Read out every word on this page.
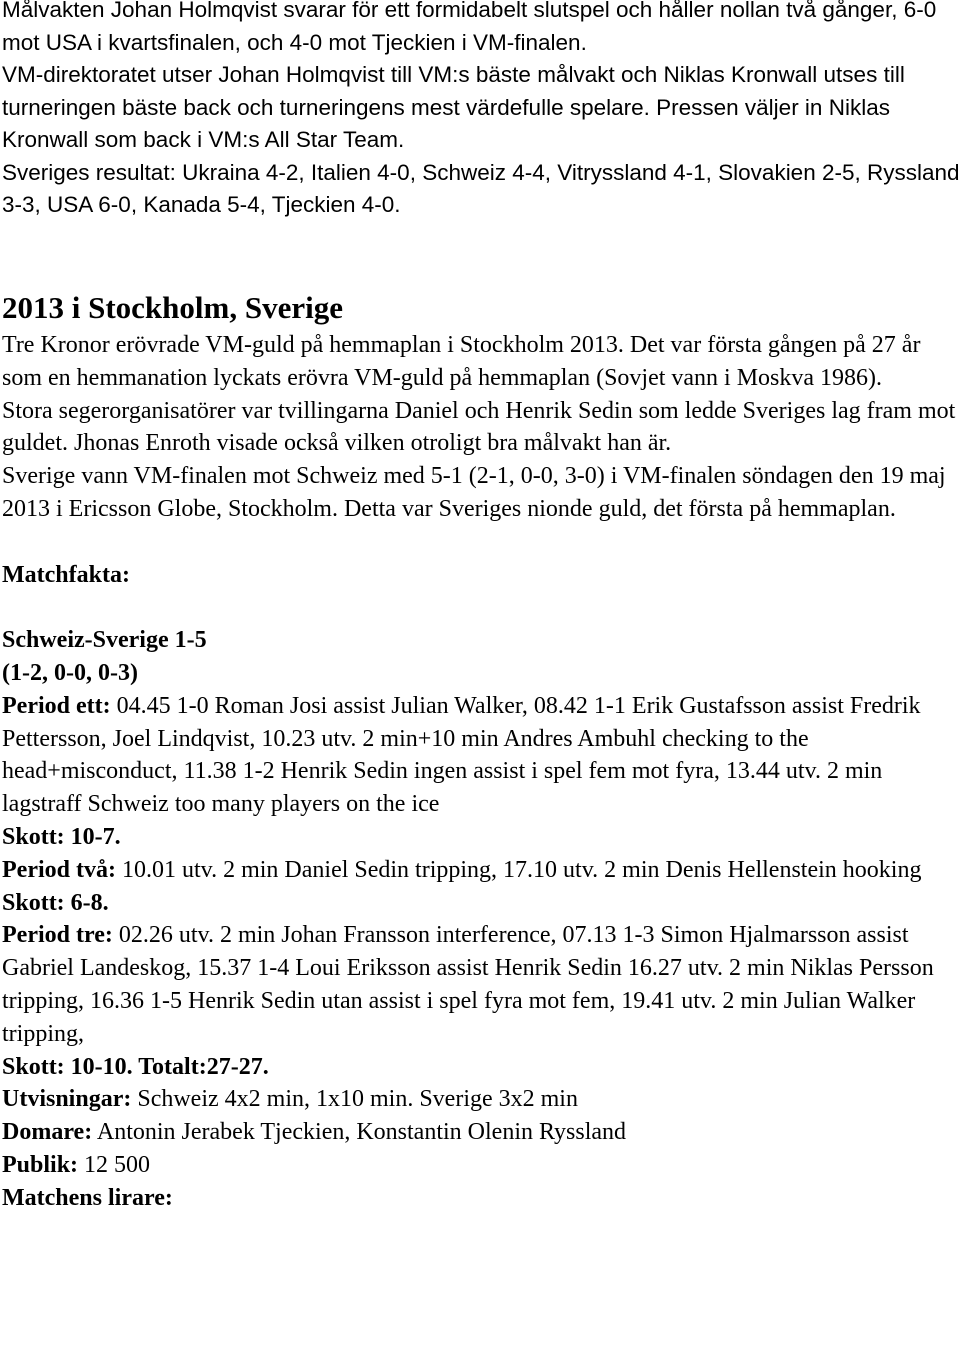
Målvakten Johan Holmqvist svarar för ett formidabelt slutspel och håller nollan två gånger, 6-0 mot USA i kvartsfinalen, och 4-0 mot Tjeckien i VM-finalen.

VM-direktoratet utser Johan Holmqvist till VM:s bäste målvakt och Niklas Kronwall utses till turneringen bäste back och turneringens mest värdefulle spelare. Pressen väljer in Niklas Kronwall som back i VM:s All Star Team.

Sveriges resultat: Ukraina 4-2, Italien 4-0, Schweiz 4-4, Vitryssland 4-1, Slovakien 2-5, Ryssland 3-3, USA 6-0, Kanada 5-4, Tjeckien 4-0.

2013 i Stockholm, Sverige

Tre Kronor erövrade VM-guld på hemmaplan i Stockholm 2013. Det var första gången på 27 år som en hemmanation lyckats erövra VM-guld på hemmaplan (Sovjet vann i Moskva 1986).

Stora segerorganisatörer var tvillingarna Daniel och Henrik Sedin som ledde Sveriges lag fram mot guldet. Jhonas Enroth visade också vilken otroligt bra målvakt han är.

Sverige vann VM-finalen mot Schweiz med 5-1 (2-1, 0-0, 3-0) i VM-finalen söndagen den 19 maj 2013 i Ericsson Globe, Stockholm. Detta var Sveriges nionde guld, det första på hemmaplan.

Matchfakta:

Schweiz-Sverige 1-5

(1-2, 0-0, 0-3)

Period ett: 04.45 1-0 Roman Josi assist Julian Walker, 08.42 1-1 Erik Gustafsson assist Fredrik Pettersson, Joel Lindqvist, 10.23 utv. 2 min+10 min Andres Ambuhl checking to the head+misconduct, 11.38 1-2 Henrik Sedin ingen assist i spel fem mot fyra, 13.44 utv. 2 min lagstraff Schweiz too many players on the ice

Skott: 10-7.

Period två: 10.01 utv. 2 min Daniel Sedin tripping, 17.10 utv. 2 min Denis Hellenstein hooking

Skott: 6-8.

Period tre: 02.26 utv. 2 min Johan Fransson interference, 07.13 1-3 Simon Hjalmarsson assist Gabriel Landeskog, 15.37 1-4 Loui Eriksson assist Henrik Sedin 16.27 utv. 2 min Niklas Persson tripping, 16.36 1-5 Henrik Sedin utan assist i spel fyra mot fem, 19.41 utv. 2 min Julian Walker tripping,

Skott: 10-10. Totalt:27-27.

Utvisningar: Schweiz 4x2 min, 1x10 min. Sverige 3x2 min

Domare: Antonin Jerabek Tjeckien, Konstantin Olenin Ryssland

Publik: 12 500

Matchens lirare:
